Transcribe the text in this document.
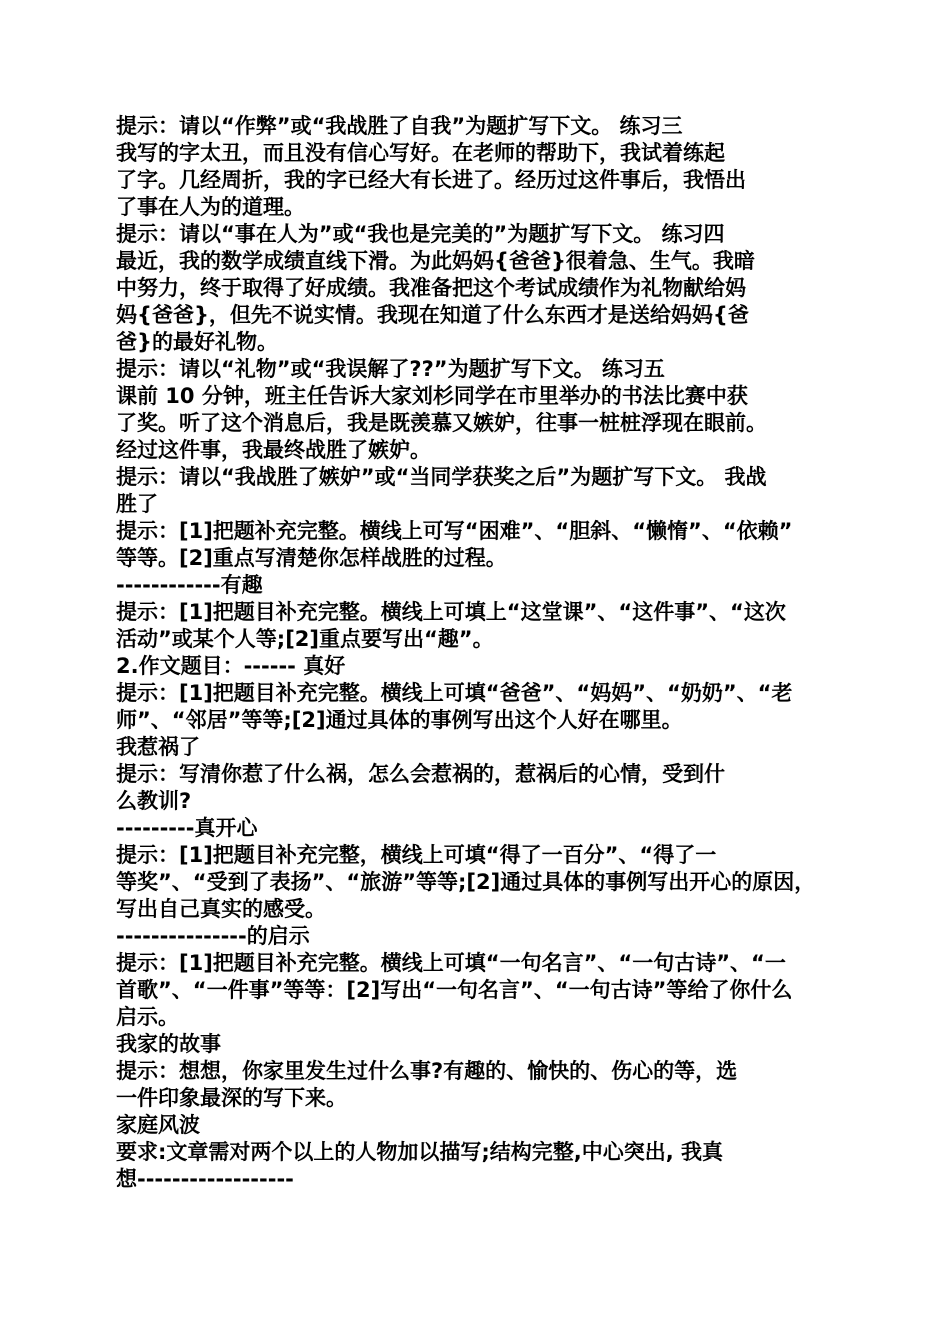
提示：请以“作弊”或“我战胜了自我”为题扩写下文。 练习三
我写的字太丑，而且没有信心写好。在老师的帮助下，我试着练起
了字。几经周折，我的字已经大有长进了。经历过这件事后，我悟出
了事在人为的道理。
提示：请以“事在人为”或“我也是完美的”为题扩写下文。 练习四
最近，我的数学成绩直线下滑。为此妈妈{爸爸}很着急、生气。我暗
中努力，终于取得了好成绩。我准备把这个考试成绩作为礼物献给妈
妈{爸爸}，但先不说实情。我现在知道了什么东西才是送给妈妈{爸
爸}的最好礼物。
提示：请以“礼物”或“我误解了??”为题扩写下文。 练习五
课前 10 分钟，班主任告诉大家刘杉同学在市里举办的书法比赛中获
了奖。听了这个消息后，我是既羡慕又嫉妒，往事一桩桩浮现在眼前。
经过这件事，我最终战胜了嫉妒。
提示：请以“我战胜了嫉妒”或“当同学获奖之后”为题扩写下文。 我战
胜了
提示：[1]把题补充完整。横线上可写“困难”、“胆斜、“懒惰”、“依赖”
等等。[2]重点写清楚你怎样战胜的过程。
------------有趣
提示：[1]把题目补充完整。横线上可填上“这堂课”、“这件事”、“这次
活动”或某个人等;[2]重点要写出“趣”。
2.作文题目：------ 真好
提示：[1]把题目补充完整。横线上可填“爸爸”、“妈妈”、“奶奶”、“老
师”、“邻居”等等;[2]通过具体的事例写出这个人好在哪里。
我惹祸了
提示：写清你惹了什么祸，怎么会惹祸的，惹祸后的心情，受到什
么教训?
---------真开心
提示：[1]把题目补充完整，横线上可填“得了一百分”、“得了一
等奖”、“受到了表扬”、“旅游”等等;[2]通过具体的事例写出开心的原因，
写出自己真实的感受。
---------------的启示
提示：[1]把题目补充完整。横线上可填“一句名言”、“一句古诗”、“一
首歌”、“一件事”等等：[2]写出“一句名言”、“一句古诗”等给了你什么
启示。
我家的故事
提示：想想，你家里发生过什么事?有趣的、愉快的、伤心的等，选
一件印象最深的写下来。
家庭风波
要求:文章需对两个以上的人物加以描写;结构完整,中心突出, 我真
想------------------
